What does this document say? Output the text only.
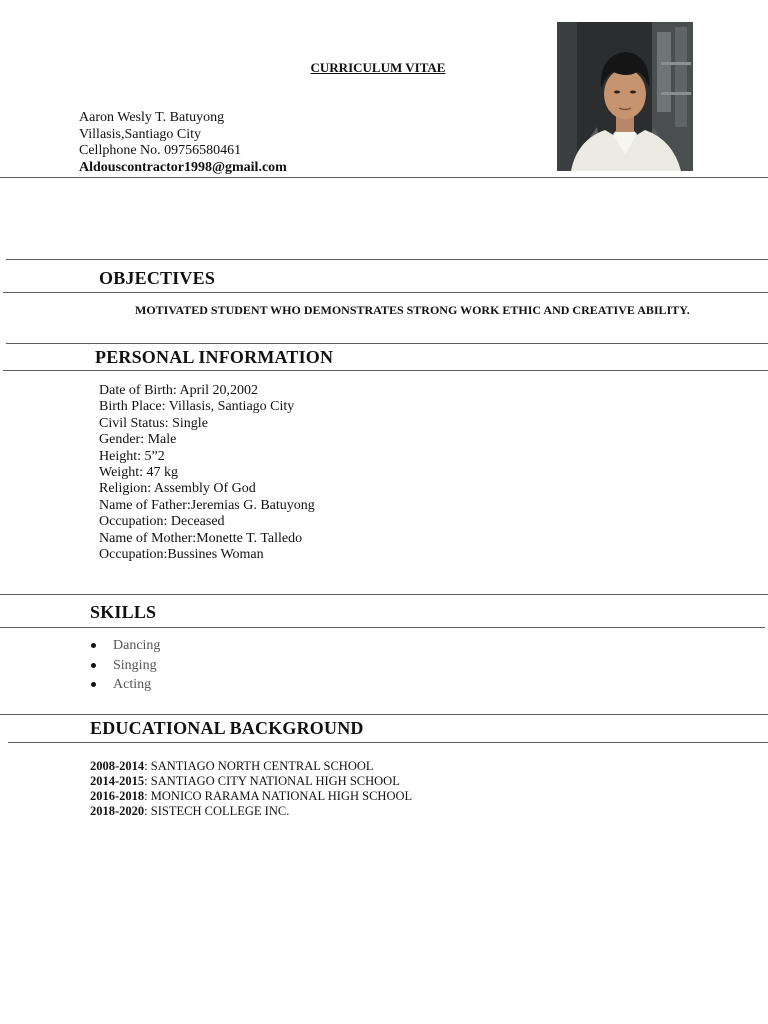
CURRICULUM VITAE
Aaron Wesly T. Batuyong
Villasis,Santiago City
Cellphone No. 09756580461
Aldouscontractor1998@gmail.com
OBJECTIVES
MOTIVATED STUDENT WHO DEMONSTRATES STRONG WORK ETHIC AND CREATIVE ABILITY.
PERSONAL INFORMATION
Date of Birth: April 20,2002
Birth Place: Villasis, Santiago City
Civil Status: Single
Gender: Male
Height: 5”2
Weight: 47 kg
Religion: Assembly Of God
Name of Father:Jeremias G. Batuyong
Occupation: Deceased
Name of Mother:Monette T. Talledo
Occupation:Bussines Woman
SKILLS
Dancing
Singing
Acting
EDUCATIONAL BACKGROUND
2008-2014: SANTIAGO NORTH CENTRAL SCHOOL
2014-2015: SANTIAGO CITY NATIONAL HIGH SCHOOL
2016-2018: MONICO RARAMA NATIONAL HIGH SCHOOL
2018-2020: SISTECH COLLEGE INC.
